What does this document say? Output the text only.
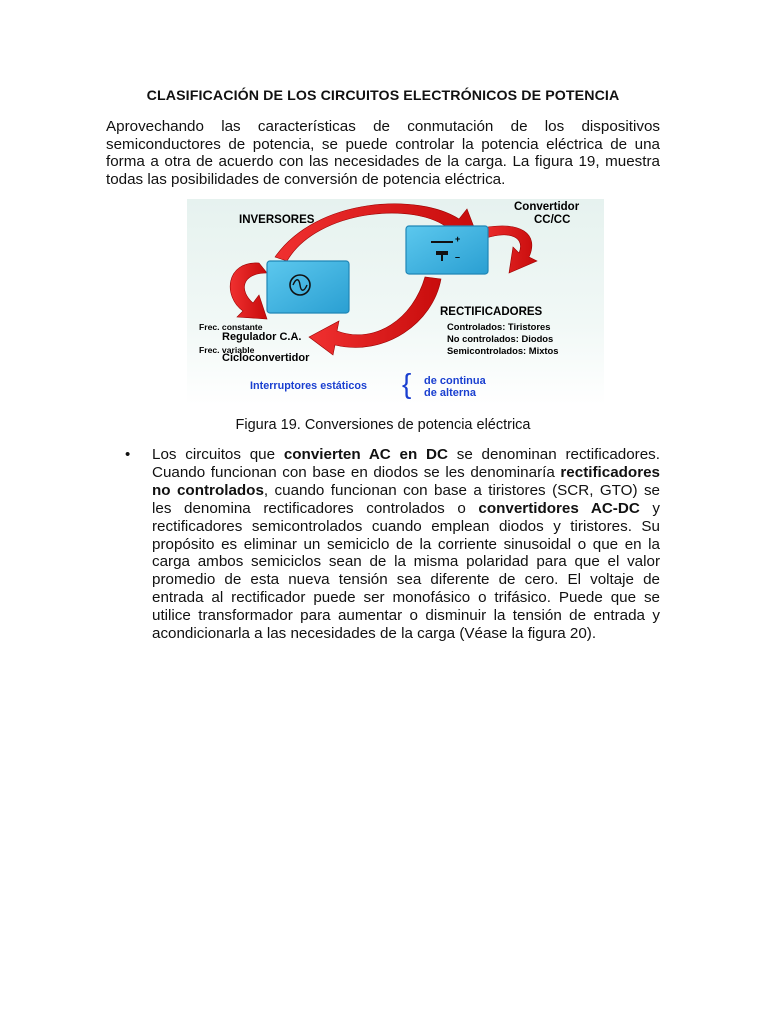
CLASIFICACIÓN DE LOS CIRCUITOS ELECTRÓNICOS DE POTENCIA
Aprovechando las características de conmutación de los dispositivos semiconductores de potencia, se puede controlar la potencia eléctrica de una forma a otra de acuerdo con las necesidades de la carga. La figura 19, muestra todas las posibilidades de conversión de potencia eléctrica.
INVERSORES
Convertidor
CC/CC
+
–
RECTIFICADORES
Controlados: Tiristores
No controlados: Diodos
Semicontrolados: Mixtos
Frec. constante
Regulador C.A.
Frec. variable
Cicloconvertidor
Interruptores estáticos { de continua
de alterna
Figura 19. Conversiones de potencia eléctrica
• Los circuitos que convierten AC en DC se denominan rectificadores. Cuando funcionan con base en diodos se les denominaría rectificadores no controlados, cuando funcionan con base a tiristores (SCR, GTO) se les denomina rectificadores controlados o convertidores AC-DC y rectificadores semicontrolados cuando emplean diodos y tiristores. Su propósito es eliminar un semiciclo de la corriente sinusoidal o que en la carga ambos semiciclos sean de la misma polaridad para que el valor promedio de esta nueva tensión sea diferente de cero. El voltaje de entrada al rectificador puede ser monofásico o trifásico. Puede que se utilice transformador para aumentar o disminuir la tensión de entrada y acondicionarla a las necesidades de la carga (Véase la figura 20).
